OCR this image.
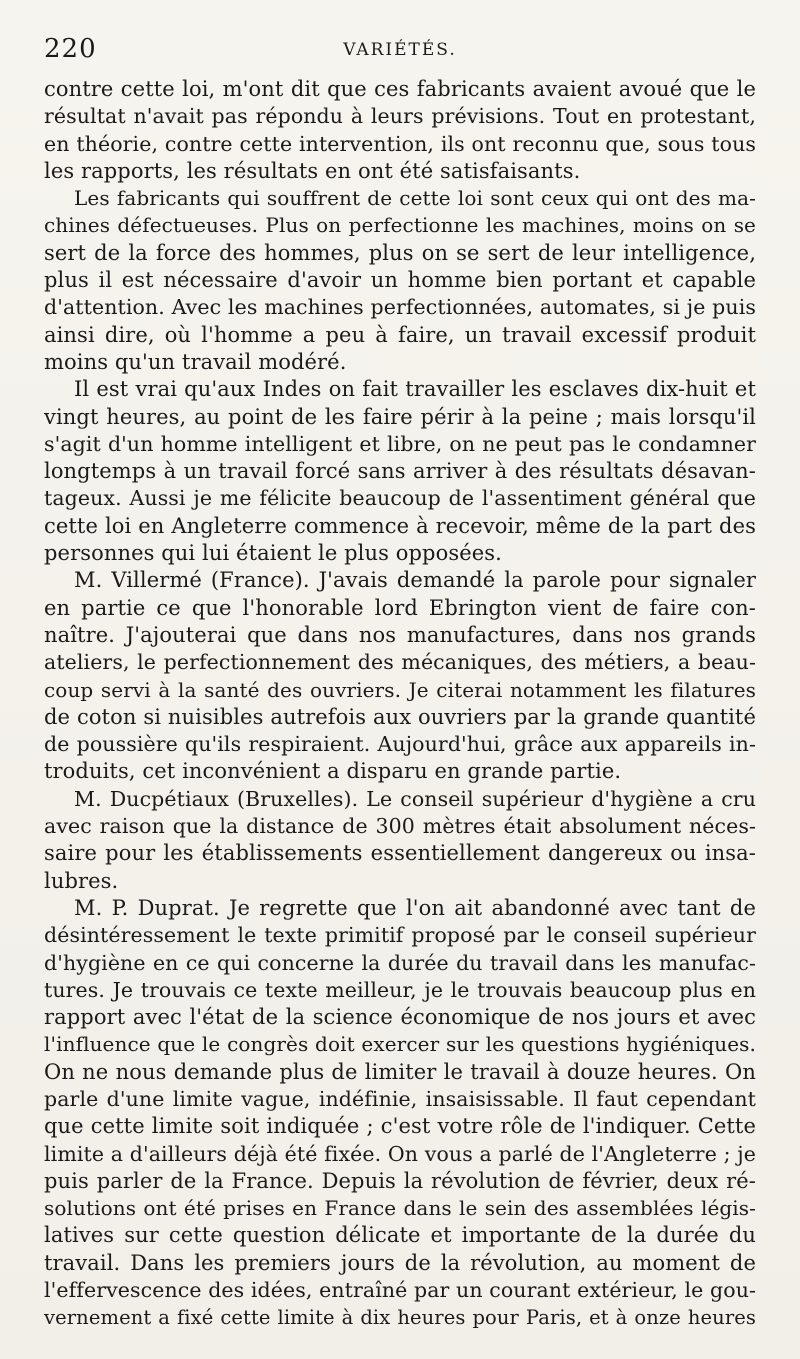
220	VARIÉTÉS.
contre cette loi, m'ont dit que ces fabricants avaient avoué que le
résultat n'avait pas répondu à leurs prévisions. Tout en protestant,
en théorie, contre cette intervention, ils ont reconnu que, sous tous
les rapports, les résultats en ont été satisfaisants.
Les fabricants qui souffrent de cette loi sont ceux qui ont des ma-
chines défectueuses. Plus on perfectionne les machines, moins on se
sert de la force des hommes, plus on se sert de leur intelligence,
plus il est nécessaire d'avoir un homme bien portant et capable
d'attention. Avec les machines perfectionnées, automates, si je puis
ainsi dire, où l'homme a peu à faire, un travail excessif produit
moins qu'un travail modéré.
Il est vrai qu'aux Indes on fait travailler les esclaves dix-huit et
vingt heures, au point de les faire périr à la peine ; mais lorsqu'il
s'agit d'un homme intelligent et libre, on ne peut pas le condamner
longtemps à un travail forcé sans arriver à des résultats désavan-
tageux. Aussi je me félicite beaucoup de l'assentiment général que
cette loi en Angleterre commence à recevoir, même de la part des
personnes qui lui étaient le plus opposées.
M. Villermé (France). J'avais demandé la parole pour signaler
en partie ce que l'honorable lord Ebrington vient de faire con-
naître. J'ajouterai que dans nos manufactures, dans nos grands
ateliers, le perfectionnement des mécaniques, des métiers, a beau-
coup servi à la santé des ouvriers. Je citerai notamment les filatures
de coton si nuisibles autrefois aux ouvriers par la grande quantité
de poussière qu'ils respiraient. Aujourd'hui, grâce aux appareils in-
troduits, cet inconvénient a disparu en grande partie.
M. Ducpétiaux (Bruxelles). Le conseil supérieur d'hygiène a cru
avec raison que la distance de 300 mètres était absolument néces-
saire pour les établissements essentiellement dangereux ou insa-
lubres.
M. P. Duprat. Je regrette que l'on ait abandonné avec tant de
désintéressement le texte primitif proposé par le conseil supérieur
d'hygiène en ce qui concerne la durée du travail dans les manufac-
tures. Je trouvais ce texte meilleur, je le trouvais beaucoup plus en
rapport avec l'état de la science économique de nos jours et avec
l'influence que le congrès doit exercer sur les questions hygiéniques.
On ne nous demande plus de limiter le travail à douze heures. On
parle d'une limite vague, indéfinie, insaisissable. Il faut cependant
que cette limite soit indiquée ; c'est votre rôle de l'indiquer. Cette
limite a d'ailleurs déjà été fixée. On vous a parlé de l'Angleterre ; je
puis parler de la France. Depuis la révolution de février, deux ré-
solutions ont été prises en France dans le sein des assemblées légis-
latives sur cette question délicate et importante de la durée du
travail. Dans les premiers jours de la révolution, au moment de
l'effervescence des idées, entraîné par un courant extérieur, le gou-
vernement a fixé cette limite à dix heures pour Paris, et à onze heures
